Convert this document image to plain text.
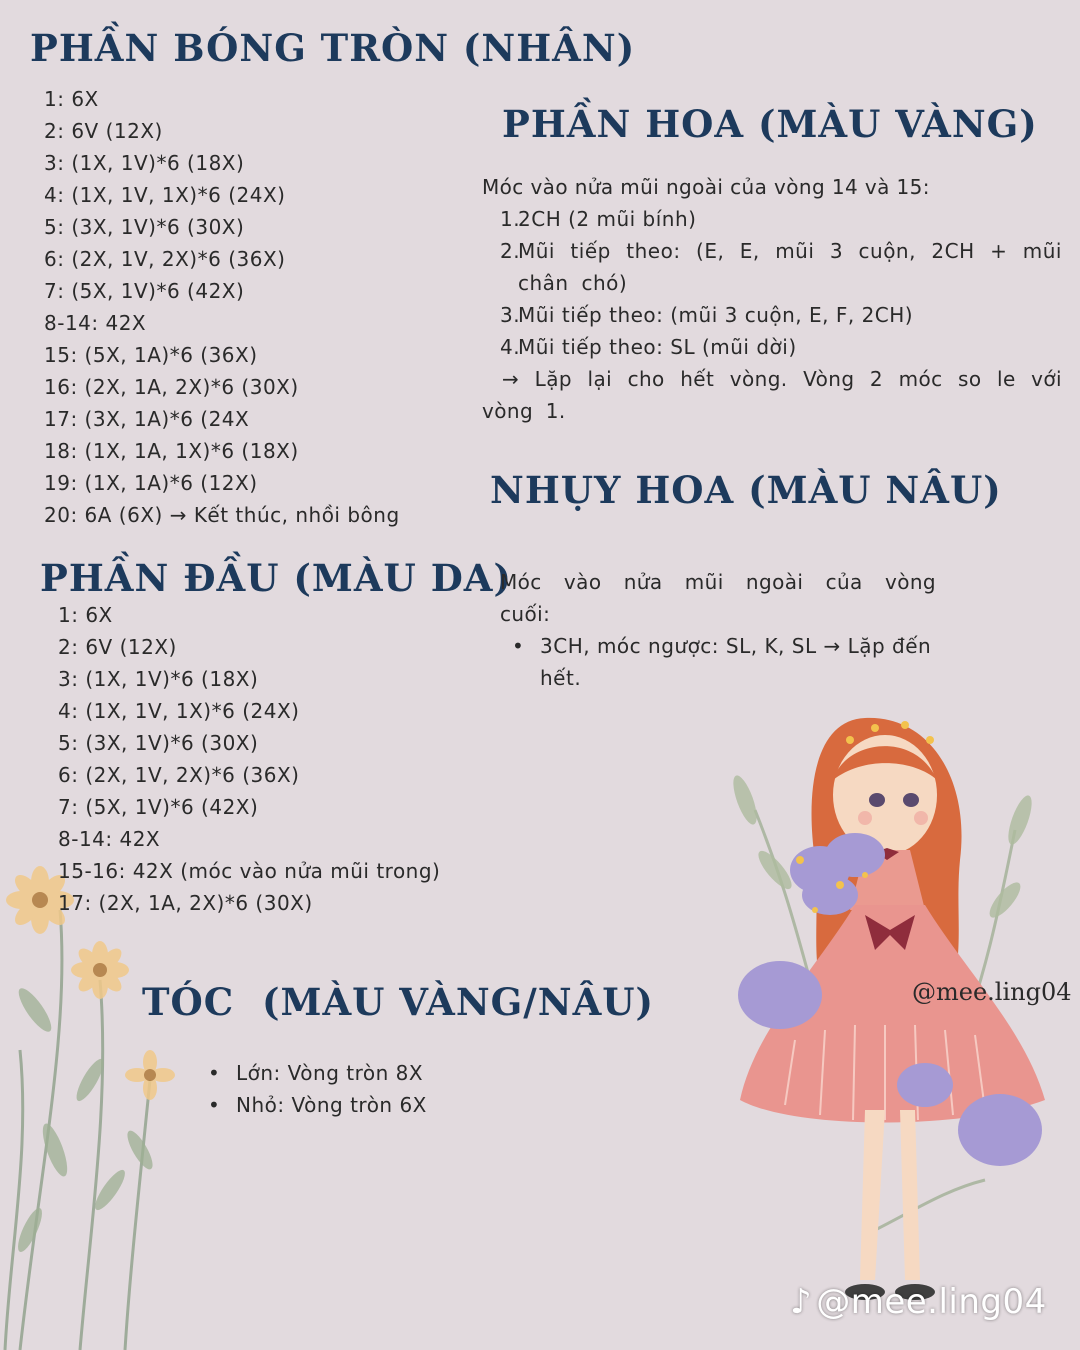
PHẦN BÓNG TRÒN (NHÂN)
1: 6X
2: 6V (12X)
3: (1X, 1V)*6 (18X)
4: (1X, 1V, 1X)*6 (24X)
5: (3X, 1V)*6 (30X)
6: (2X, 1V, 2X)*6 (36X)
7: (5X, 1V)*6 (42X)
8-14: 42X
15: (5X, 1A)*6 (36X)
16: (2X, 1A, 2X)*6 (30X)
17: (3X, 1A)*6 (24X
18: (1X, 1A, 1X)*6 (18X)
19: (1X, 1A)*6 (12X)
20: 6A (6X) → Kết thúc, nhồi bông
PHẦN ĐẦU (MÀU DA)
1: 6X
2: 6V (12X)
3: (1X, 1V)*6 (18X)
4: (1X, 1V, 1X)*6 (24X)
5: (3X, 1V)*6 (30X)
6: (2X, 1V, 2X)*6 (36X)
7: (5X, 1V)*6 (42X)
8-14: 42X
15-16: 42X (móc vào nửa mũi trong)
17: (2X, 1A, 2X)*6 (30X)
TÓC  (MÀU VÀNG/NÂU)
• Lớn: Vòng tròn 8X
• Nhỏ: Vòng tròn 6X
PHẦN HOA (MÀU VÀNG)
Móc vào nửa mũi ngoài của vòng 14 và 15:
1.2CH (2 mũi bính)
2.
Mũi tiếp theo: (E, E, mũi 3 cuộn, 2CH + mũi chân chó)
3.Mũi tiếp theo: (mũi 3 cuộn, E, F, 2CH)
4.Mũi tiếp theo: SL (mũi dời)
→ Lặp lại cho hết vòng. Vòng 2 móc so le với vòng 1.
NHỤY HOA (MÀU NÂU)
Móc vào nửa mũi ngoài của vòng cuối:
• 3CH, móc ngược: SL, K, SL → Lặp đến hết.
@mee.ling04
♪ @mee.ling04
